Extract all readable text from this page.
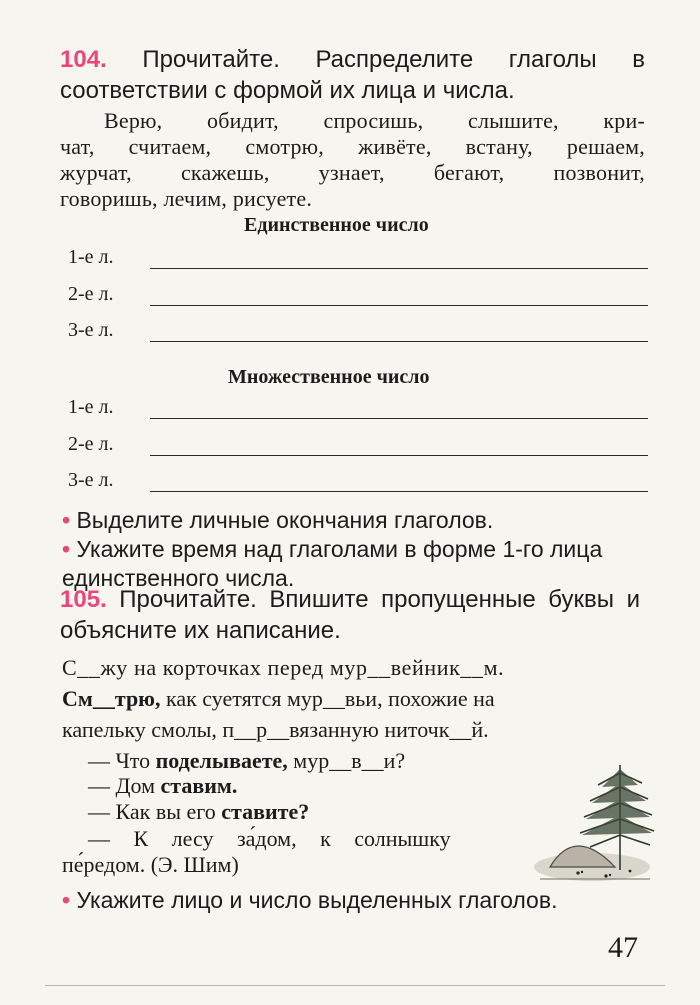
104. Прочитайте. Распределите глаголы в соответствии с формой их лица и числа.
Верю, обидит, спросишь, слышите, кри-
чат, считаем, смотрю, живёте, встану, решаем,
журчат, скажешь, узнает, бегают, позвонит,
говоришь, лечим, рисуете.
Единственное число
1-е л.
2-е л.
3-е л.
Множественное число
1-е л.
2-е л.
3-е л.
• Выделите личные окончания глаголов.
• Укажите время над глаголами в форме 1-го лица единственного числа.
105. Прочитайте. Впишите пропущенные буквы и объясните их написание.
С__жу на корточках перед мур__вейник__м.
См__трю, как суетятся мур__вьи, похожие на
капельку смолы, п__р__вязанную ниточк__й.
— Что поделываете, мур__в__и?
— Дом ставим.
— Как вы его ставите?
— К лесу за́дом, к солнышку
пе́редом. (Э. Шим)
• Укажите лицо и число выделенных глаголов.
47
